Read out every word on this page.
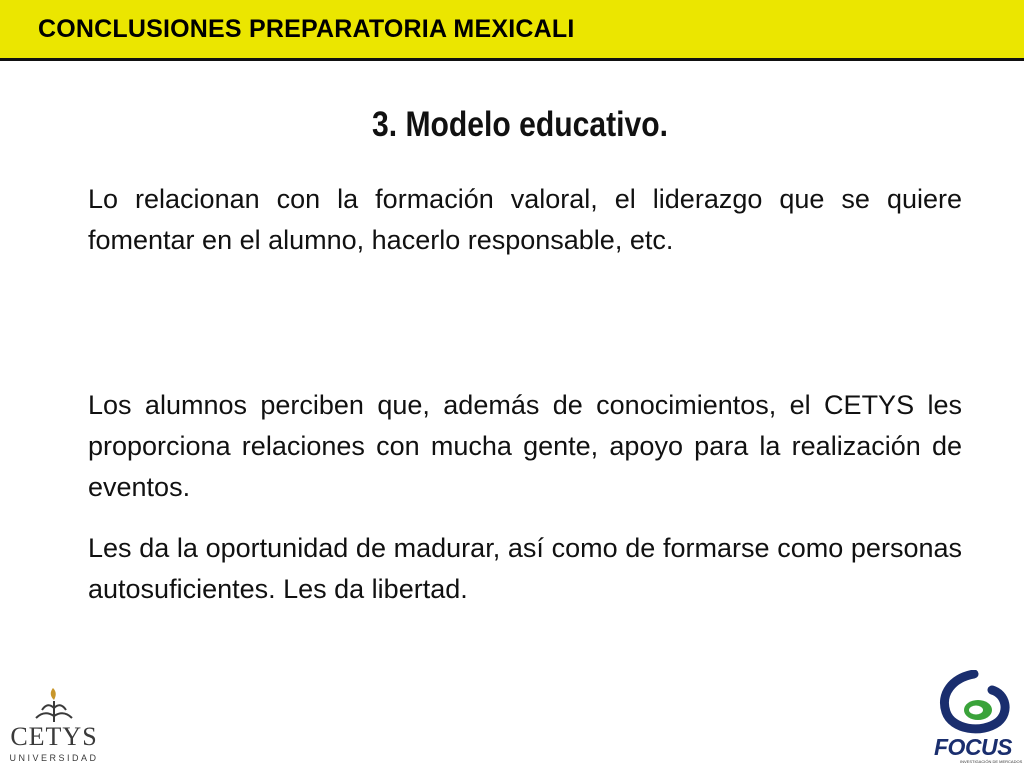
CONCLUSIONES PREPARATORIA MEXICALI
3. Modelo educativo.

Lo relacionan con la formación valoral, el liderazgo que se quiere fomentar en el alumno, hacerlo responsable, etc.

Los alumnos perciben que, además de conocimientos, el CETYS les proporciona relaciones con mucha gente, apoyo para la realización de eventos.

Les da la oportunidad de madurar, así como de formarse como personas autosuficientes. Les da libertad.

CETYS
UNIVERSIDAD	FOCUS
INVESTIGACIÓN DE MERCADOS
